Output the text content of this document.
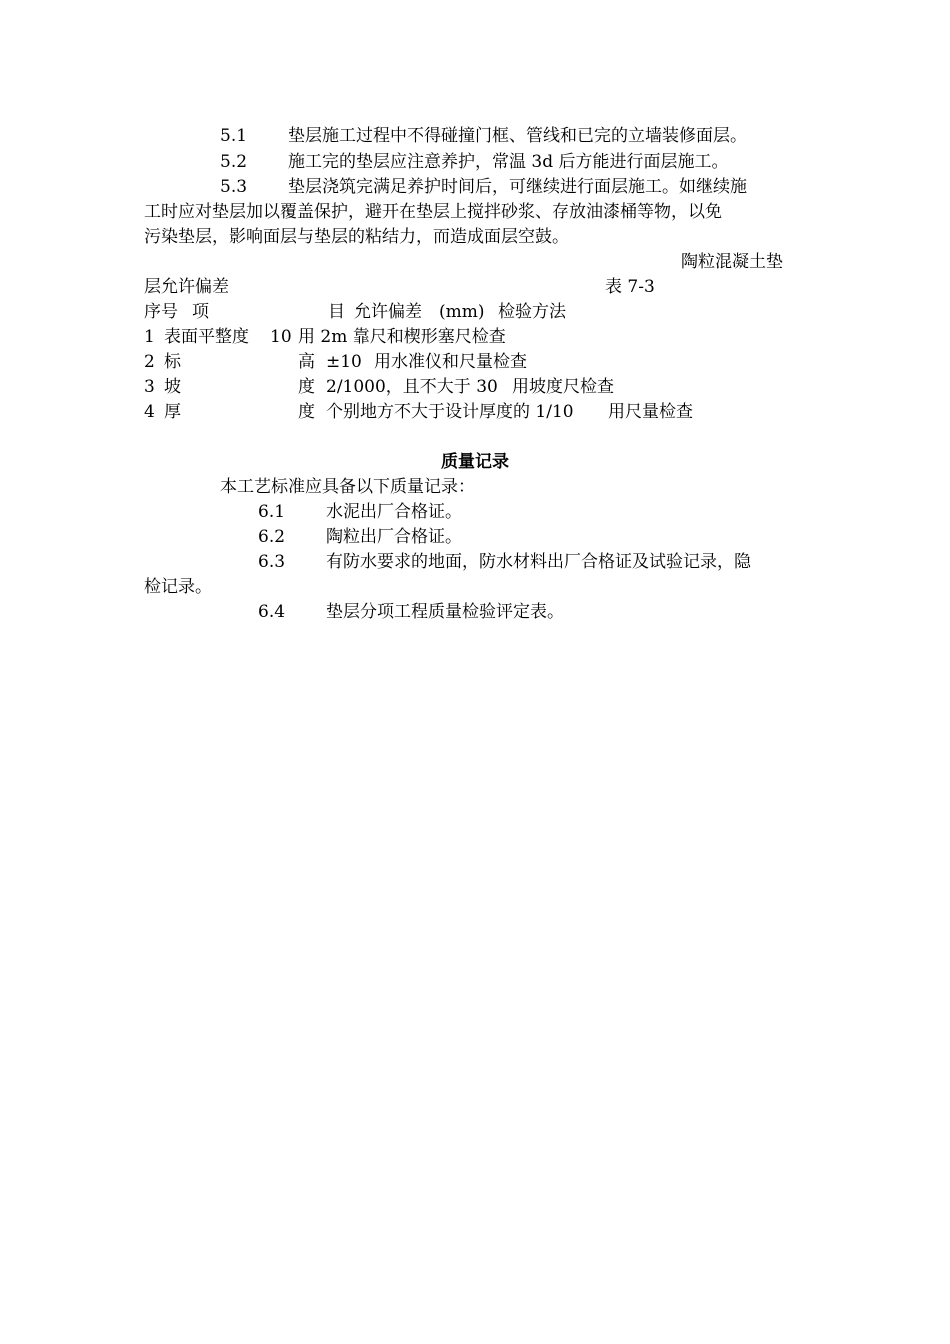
5.1 垫层施工过程中不得碰撞门框、管线和已完的立墙装修面层。
5.2 施工完的垫层应注意养护，常温 3d 后方能进行面层施工。
5.3 垫层浇筑完满足养护时间后，可继续进行面层施工。如继续施
工时应对垫层加以覆盖保护，避开在垫层上搅拌砂浆、存放油漆桶等物，以免
污染垫层，影响面层与垫层的粘结力，而造成面层空鼓。
陶粒混凝土垫
层允许偏差	表 7-3
序号 项	目 允许偏差　(mm) 检验方法
1 表面平整度 10 用 2m 靠尺和楔形塞尺检查
2 标	高 ±10 用水准仪和尺量检查
3 坡	度 2/1000，且不大于 30 用坡度尺检查
4 厚	度 个别地方不大于设计厚度的 1/10 用尺量检查
质量记录
本工艺标准应具备以下质量记录：
6.1 水泥出厂合格证。
6.2 陶粒出厂合格证。
6.3 有防水要求的地面，防水材料出厂合格证及试验记录，隐
检记录。
6.4 垫层分项工程质量检验评定表。
